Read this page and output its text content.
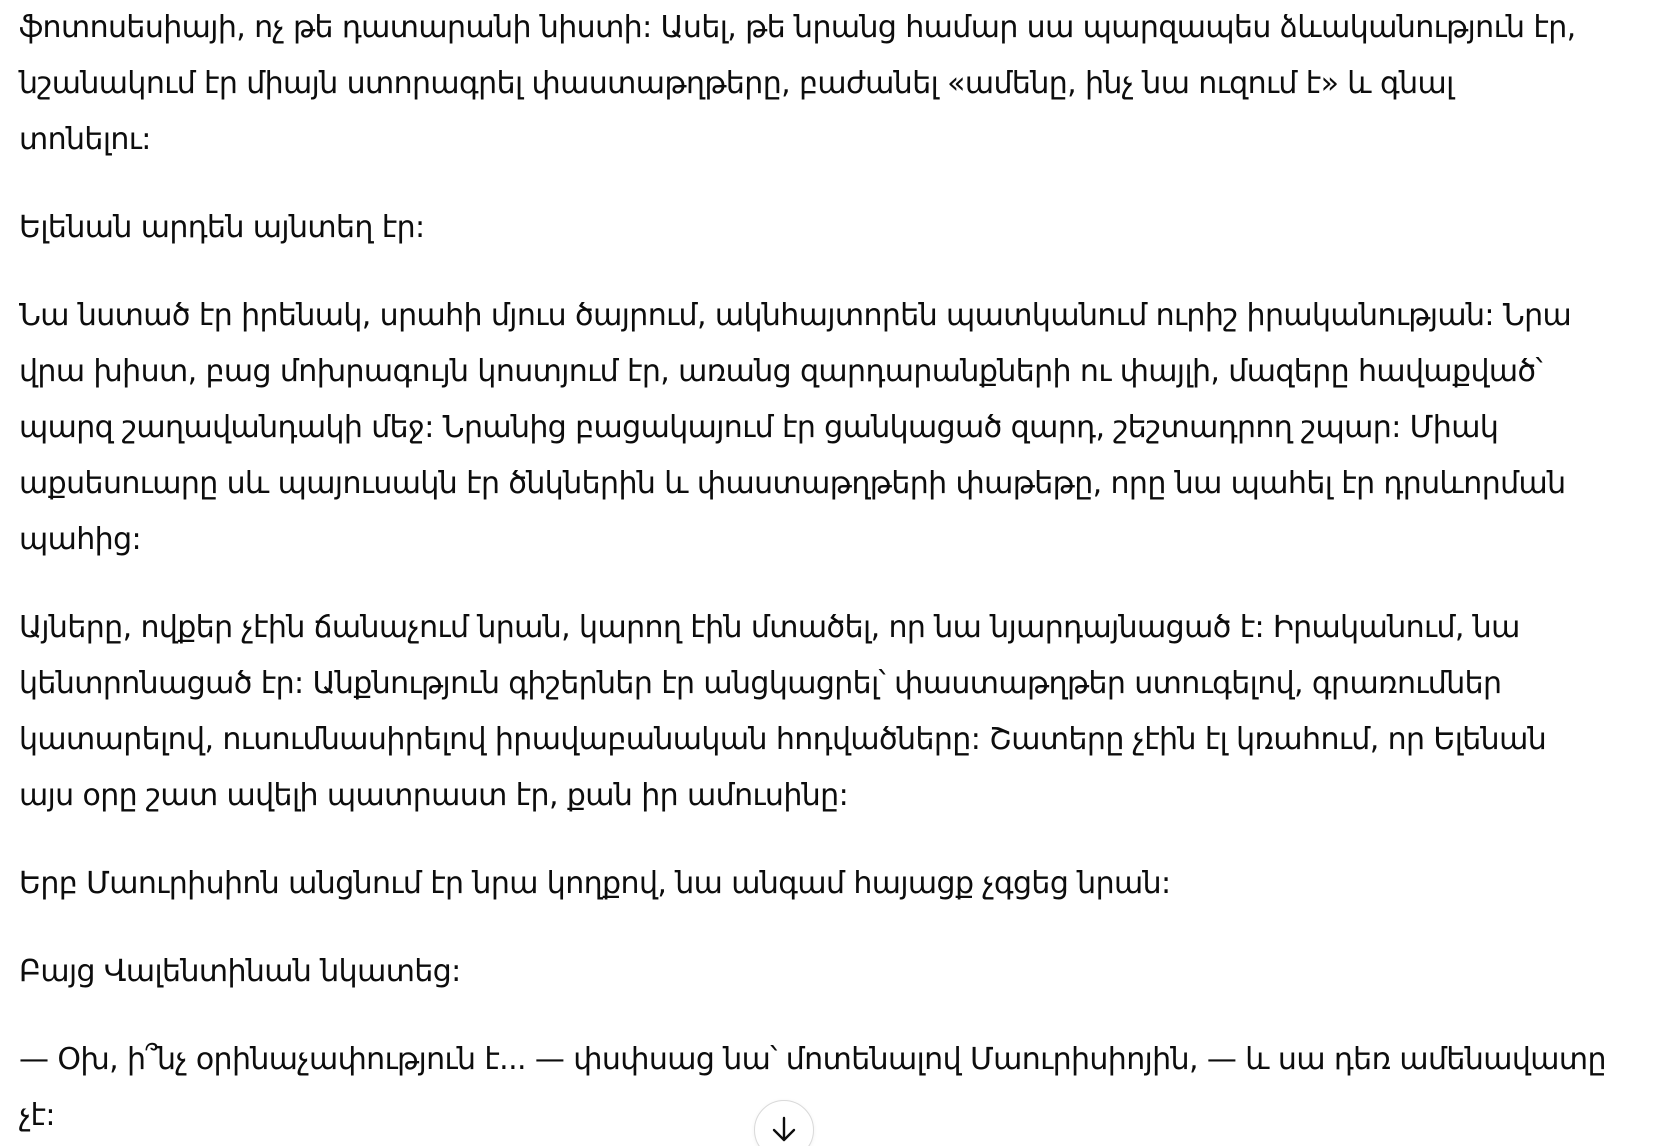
ֆոտոսեսիայի, ոչ թե դատարանի նիստի: Ասել, թե նրանց համար սա պարզապես ձևականություն էր,
նշանակում էր միայն ստորագրել փաստաթղթերը, բաժանել «ամենը, ինչ նա ուզում է» և գնալ
տոնելու:

Ելենան արդեն այնտեղ էր:

Նա նստած էր իրենակ, սրահի մյուս ծայրում, ակնհայտորեն պատկանում ուրիշ իրականության: Նրա
վրա խիստ, բաց մոխրագույն կոստյում էր, առանց զարդարանքների ու փայլի, մազերը հավաքված՝
պարզ շաղավանդակի մեջ: Նրանից բացակայում էր ցանկացած զարդ, շեշտադրող շպար: Միակ
աքսեսուարը սև պայուսակն էր ծնկներին և փաստաթղթերի փաթեթը, որը նա պահել էր դրսևորման
պահից:

Այները, ովքեր չէին ճանաչում նրան, կարող էին մտածել, որ նա նյարդայնացած է: Իրականում, նա
կենտրոնացած էր: Անքնություն գիշերներ էր անցկացրել՝ փաստաթղթեր ստուգելով, գրառումներ
կատարելով, ուսումնասիրելով իրավաբանական հոդվածները: Շատերը չէին էլ կռահում, որ Ելենան
այս օրը շատ ավելի պատրաստ էր, քան իր ամուսինը:

Երբ Մաուրիսիոն անցնում էր նրա կողքով, նա անգամ հայացք չգցեց նրան:

Բայց Վալենտինան նկատեց:

— Օխ, ի՞նչ օրինաչափություն է... — փսփսաց նա՝ մոտենալով Մաուրիսիոյին, — և սա դեռ ամենավատը
չէ:
